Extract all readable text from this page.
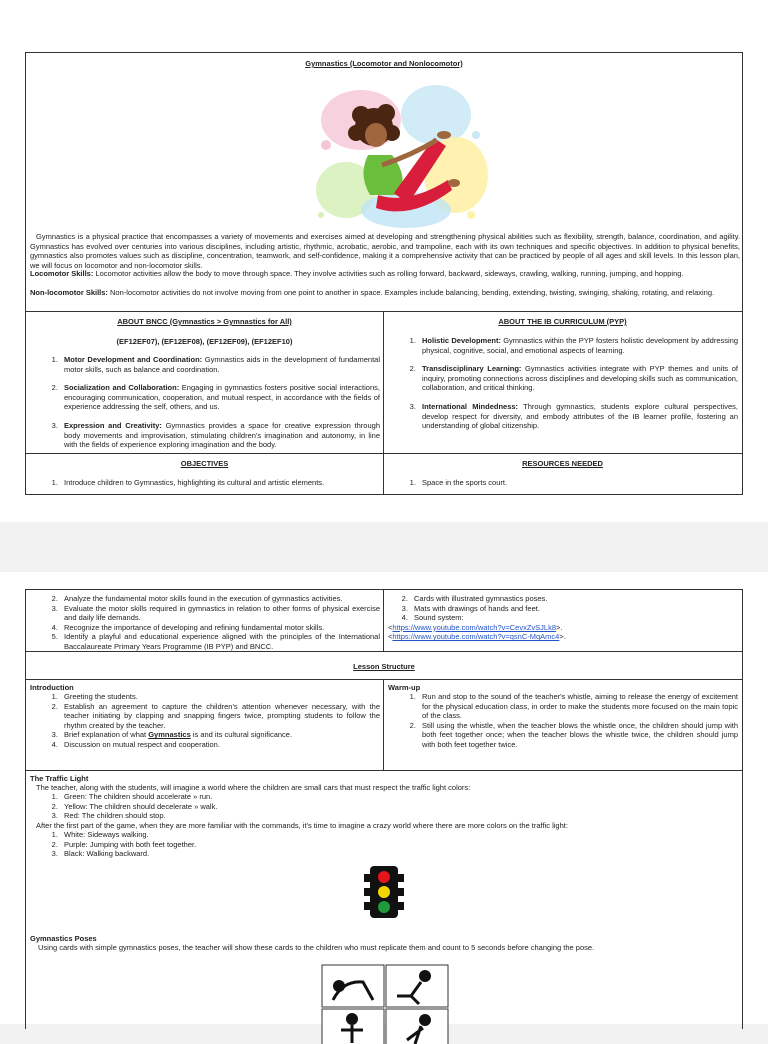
Gymnastics (Locomotor and Nonlocomotor)
Gymnastics is a physical practice that encompasses a variety of movements and exercises aimed at developing and strengthening physical abilities such as flexibility, strength, balance, coordination, and agility. Gymnastics has evolved over centuries into various disciplines, including artistic, rhythmic, acrobatic, aerobic, and trampoline, each with its own techniques and specific objectives. In addition to physical benefits, gymnastics also promotes values such as discipline, concentration, teamwork, and self-confidence, making it a comprehensive activity that can be practiced by people of all ages and skill levels. In this lesson plan, we will focus on locomotor and non-locomotor skills.
Locomotor Skills: Locomotor activities allow the body to move through space. They involve activities such as rolling forward, backward, sideways, crawling, walking, running, jumping, and hopping.
Non-locomotor Skills: Non-locomotor activities do not involve moving from one point to another in space. Examples include balancing, bending, extending, twisting, swinging, shaking, rotating, and relaxing.
ABOUT BNCC (Gymnastics > Gymnastics for All)
(EF12EF07), (EF12EF08), (EF12EF09), (EF12EF10)
1. Motor Development and Coordination: Gymnastics aids in the development of fundamental motor skills, such as balance and coordination.
2. Socialization and Collaboration: Engaging in gymnastics fosters positive social interactions, encouraging communication, cooperation, and mutual respect, in accordance with the fields of experience addressing the self, others, and us.
3. Expression and Creativity: Gymnastics provides a space for creative expression through body movements and improvisation, stimulating children's imagination and autonomy, in line with the fields of experience exploring imagination and the body.
ABOUT THE IB CURRICULUM (PYP)
1. Holistic Development: Gymnastics within the PYP fosters holistic development by addressing physical, cognitive, social, and emotional aspects of learning.
2. Transdisciplinary Learning: Gymnastics activities integrate with PYP themes and units of inquiry, promoting connections across disciplines and developing skills such as communication, collaboration, and critical thinking.
3. International Mindedness: Through gymnastics, students explore cultural perspectives, develop respect for diversity, and embody attributes of the IB learner profile, fostering an understanding of global citizenship.
OBJECTIVES	RESOURCES NEEDED
1. Introduce children to Gymnastics, highlighting its cultural and artistic elements.	1. Space in the sports court.
2. Analyze the fundamental motor skills found in the execution of gymnastics activities.
3. Evaluate the motor skills required in gymnastics in relation to other forms of physical exercise and daily life demands.
4. Recognize the importance of developing and refining fundamental motor skills.
5. Identify a playful and educational experience aligned with the principles of the International Baccalaureate Primary Years Programme (IB PYP) and BNCC.
2. Cards with illustrated gymnastics poses.
3. Mats with drawings of hands and feet.
4. Sound system:
<https://www.youtube.com/watch?v=CevxZvSJLk8>.
<https://www.youtube.com/watch?v=qsnC-MqAmc4>.
Lesson Structure
Introduction
1. Greeting the students.
2. Establish an agreement to capture the children's attention whenever necessary, with the teacher initiating by clapping and snapping fingers twice, prompting students to follow the rhythm created by the teacher.
3. Brief explanation of what Gymnastics is and its cultural significance.
4. Discussion on mutual respect and cooperation.
Warm-up
1. Run and stop to the sound of the teacher's whistle, aiming to release the energy of excitement for the physical education class, in order to make the students more focused on the main topic of the class.
2. Still using the whistle, when the teacher blows the whistle once, the children should jump with both feet together once; when the teacher blows the whistle twice, the children should jump with both feet together twice.
The Traffic Light
The teacher, along with the students, will imagine a world where the children are small cars that must respect the traffic light colors:
1. Green: The children should accelerate » run.
2. Yellow: The children should decelerate » walk.
3. Red: The children should stop.
After the first part of the game, when they are more familiar with the commands, it's time to imagine a crazy world where there are more colors on the traffic light:
1. White: Sideways walking.
2. Purple: Jumping with both feet together.
3. Black: Walking backward.
Gymnastics Poses
Using cards with simple gymnastics poses, the teacher will show these cards to the children who must replicate them and count to 5 seconds before changing the pose.
